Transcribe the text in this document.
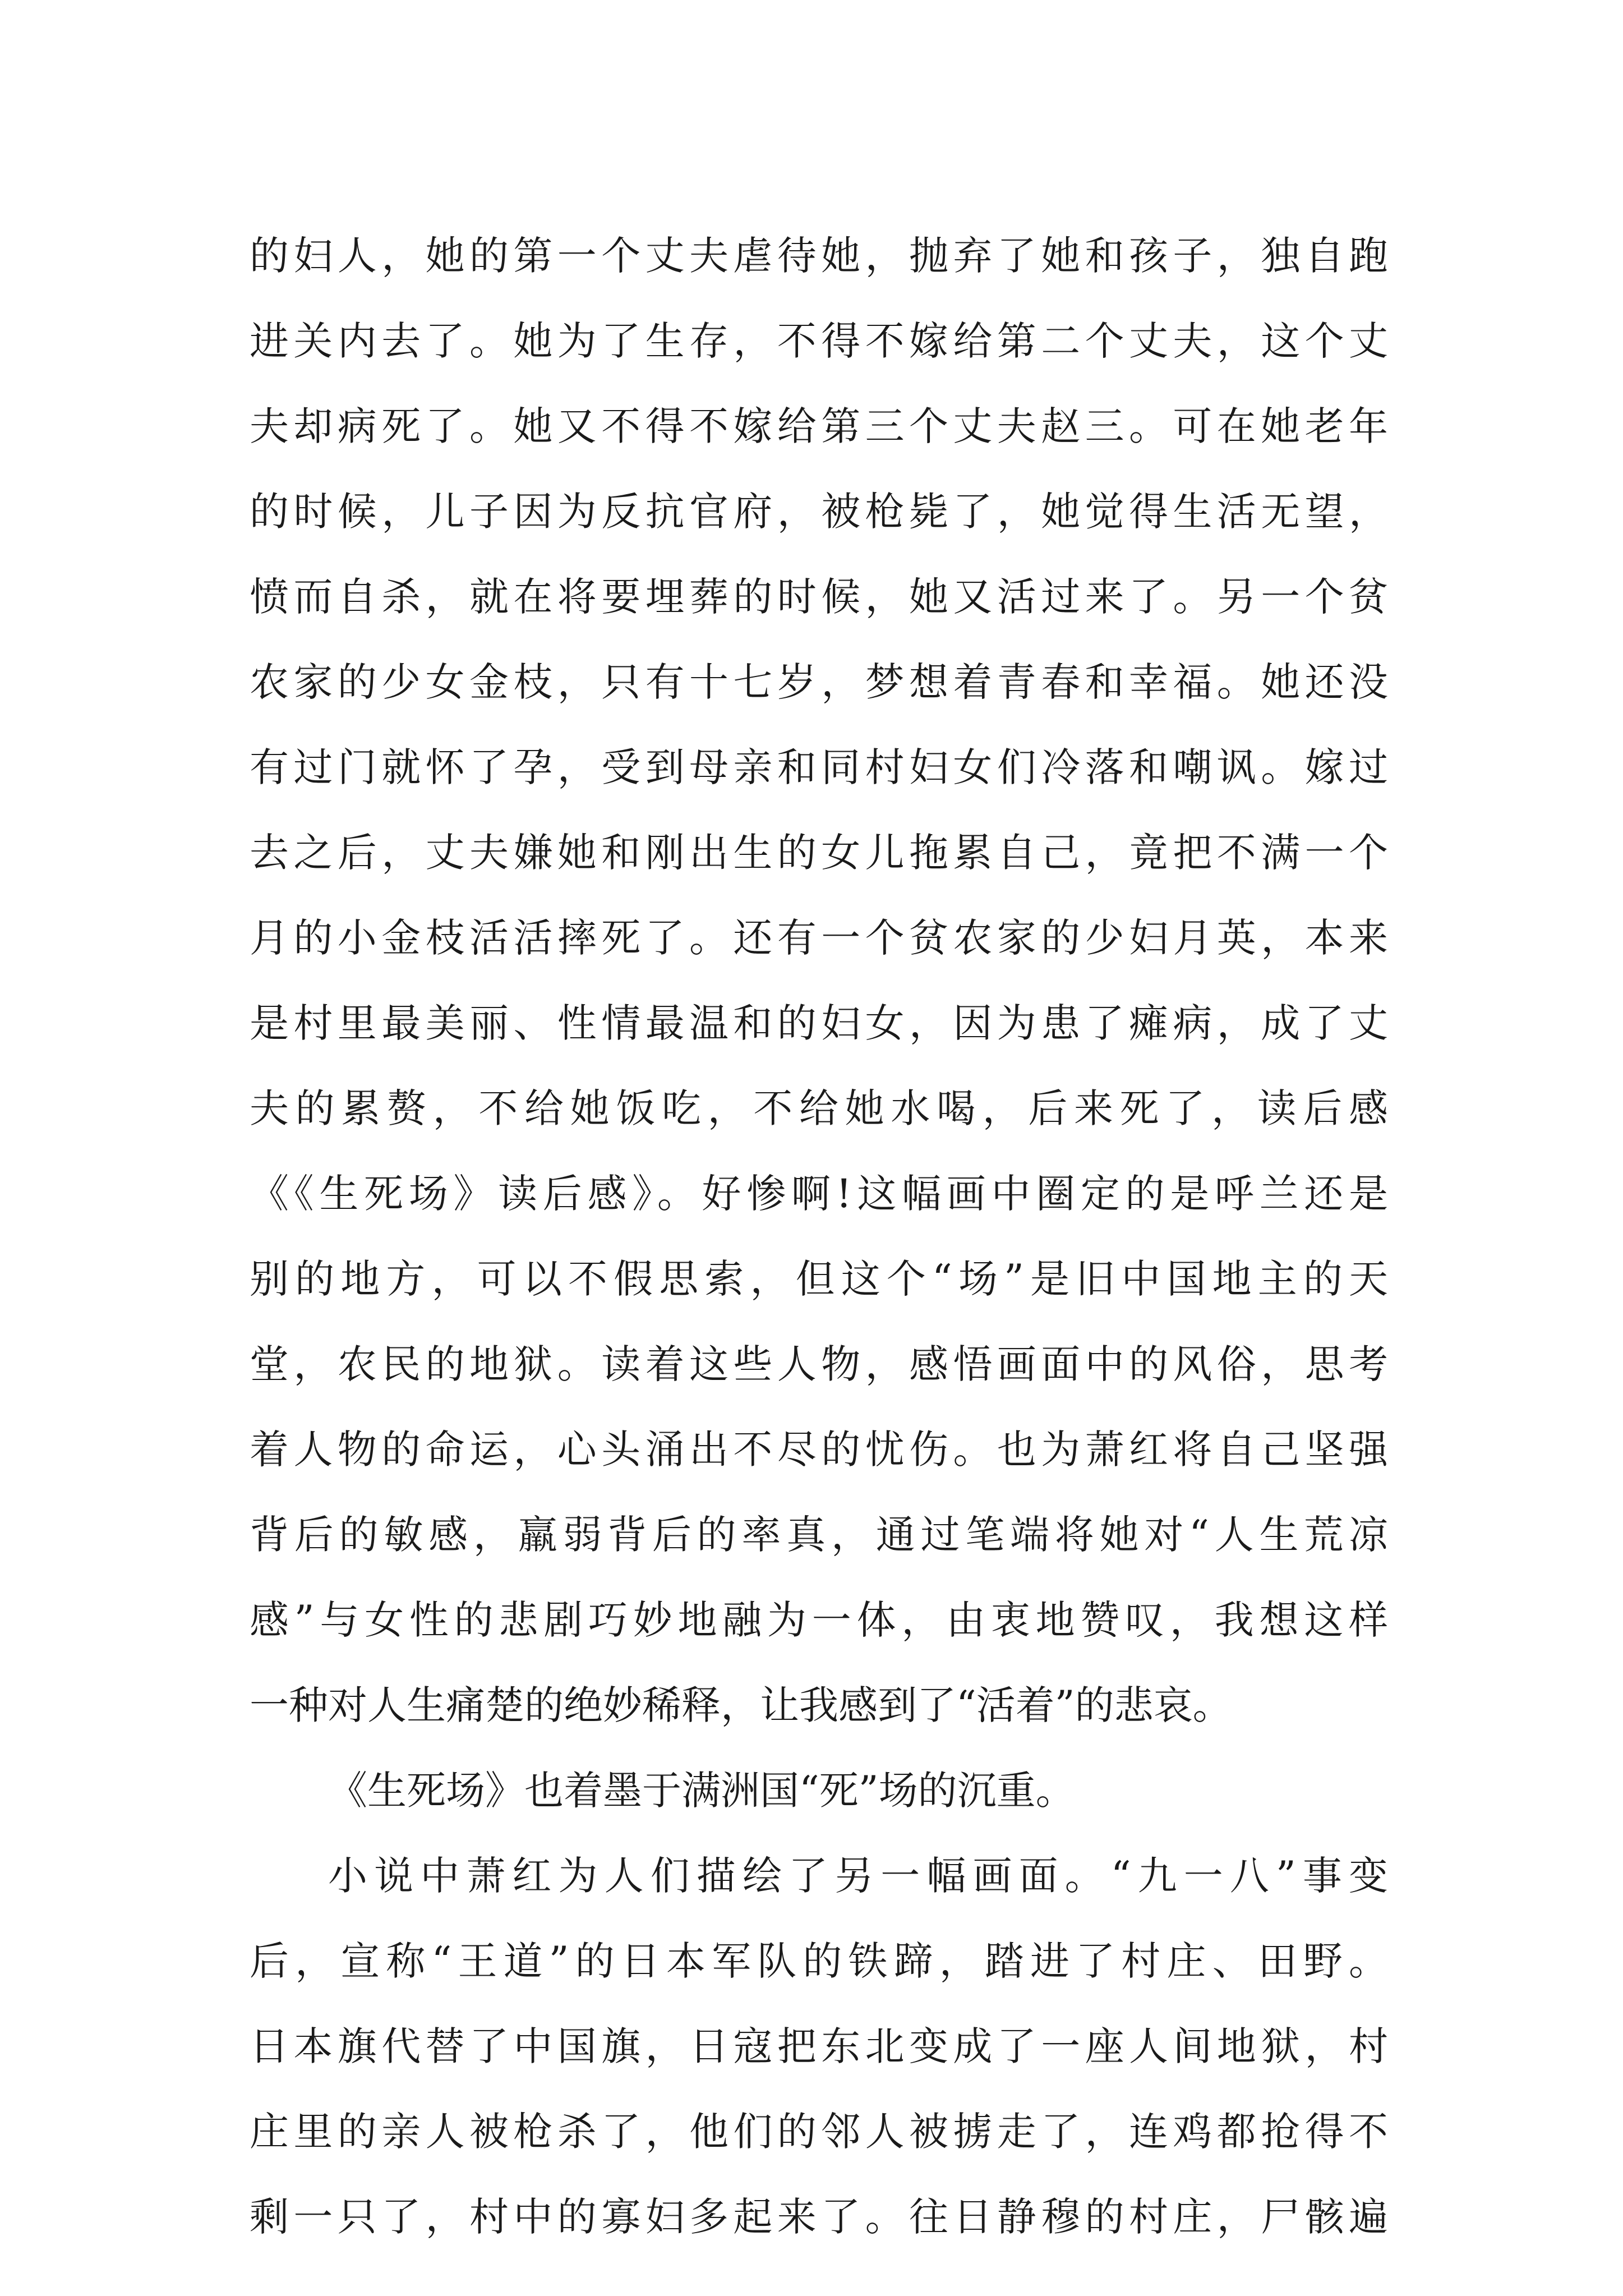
的妇人，她的第一个丈夫虐待她，抛弃了她和孩子，独自跑
进关内去了。她为了生存，不得不嫁给第二个丈夫，这个丈
夫却病死了。她又不得不嫁给第三个丈夫赵三。可在她老年
的时候，儿子因为反抗官府，被枪毙了，她觉得生活无望，
愤而自杀，就在将要埋葬的时候，她又活过来了。另一个贫
农家的少女金枝，只有十七岁，梦想着青春和幸福。她还没
有过门就怀了孕，受到母亲和同村妇女们冷落和嘲讽。嫁过
去之后，丈夫嫌她和刚出生的女儿拖累自己，竟把不满一个
月的小金枝活活摔死了。还有一个贫农家的少妇月英，本来
是村里最美丽、性情最温和的妇女，因为患了瘫病，成了丈
夫的累赘，不给她饭吃，不给她水喝，后来死了，读后感
《《生死场》读后感》。好惨啊!这幅画中圈定的是呼兰还是
别的地方，可以不假思索，但这个“场”是旧中国地主的天
堂，农民的地狱。读着这些人物，感悟画面中的风俗，思考
着人物的命运，心头涌出不尽的忧伤。也为萧红将自己坚强
背后的敏感，羸弱背后的率真，通过笔端将她对“人生荒凉
感”与女性的悲剧巧妙地融为一体，由衷地赞叹，我想这样
一种对人生痛楚的绝妙稀释，让我感到了“活着”的悲哀。
《生死场》也着墨于满洲国“死”场的沉重。
小说中萧红为人们描绘了另一幅画面。“九一八”事变
后，宣称“王道”的日本军队的铁蹄，踏进了村庄、田野。
日本旗代替了中国旗，日寇把东北变成了一座人间地狱，村
庄里的亲人被枪杀了，他们的邻人被掳走了，连鸡都抢得不
剩一只了，村中的寡妇多起来了。往日静穆的村庄，尸骸遍
